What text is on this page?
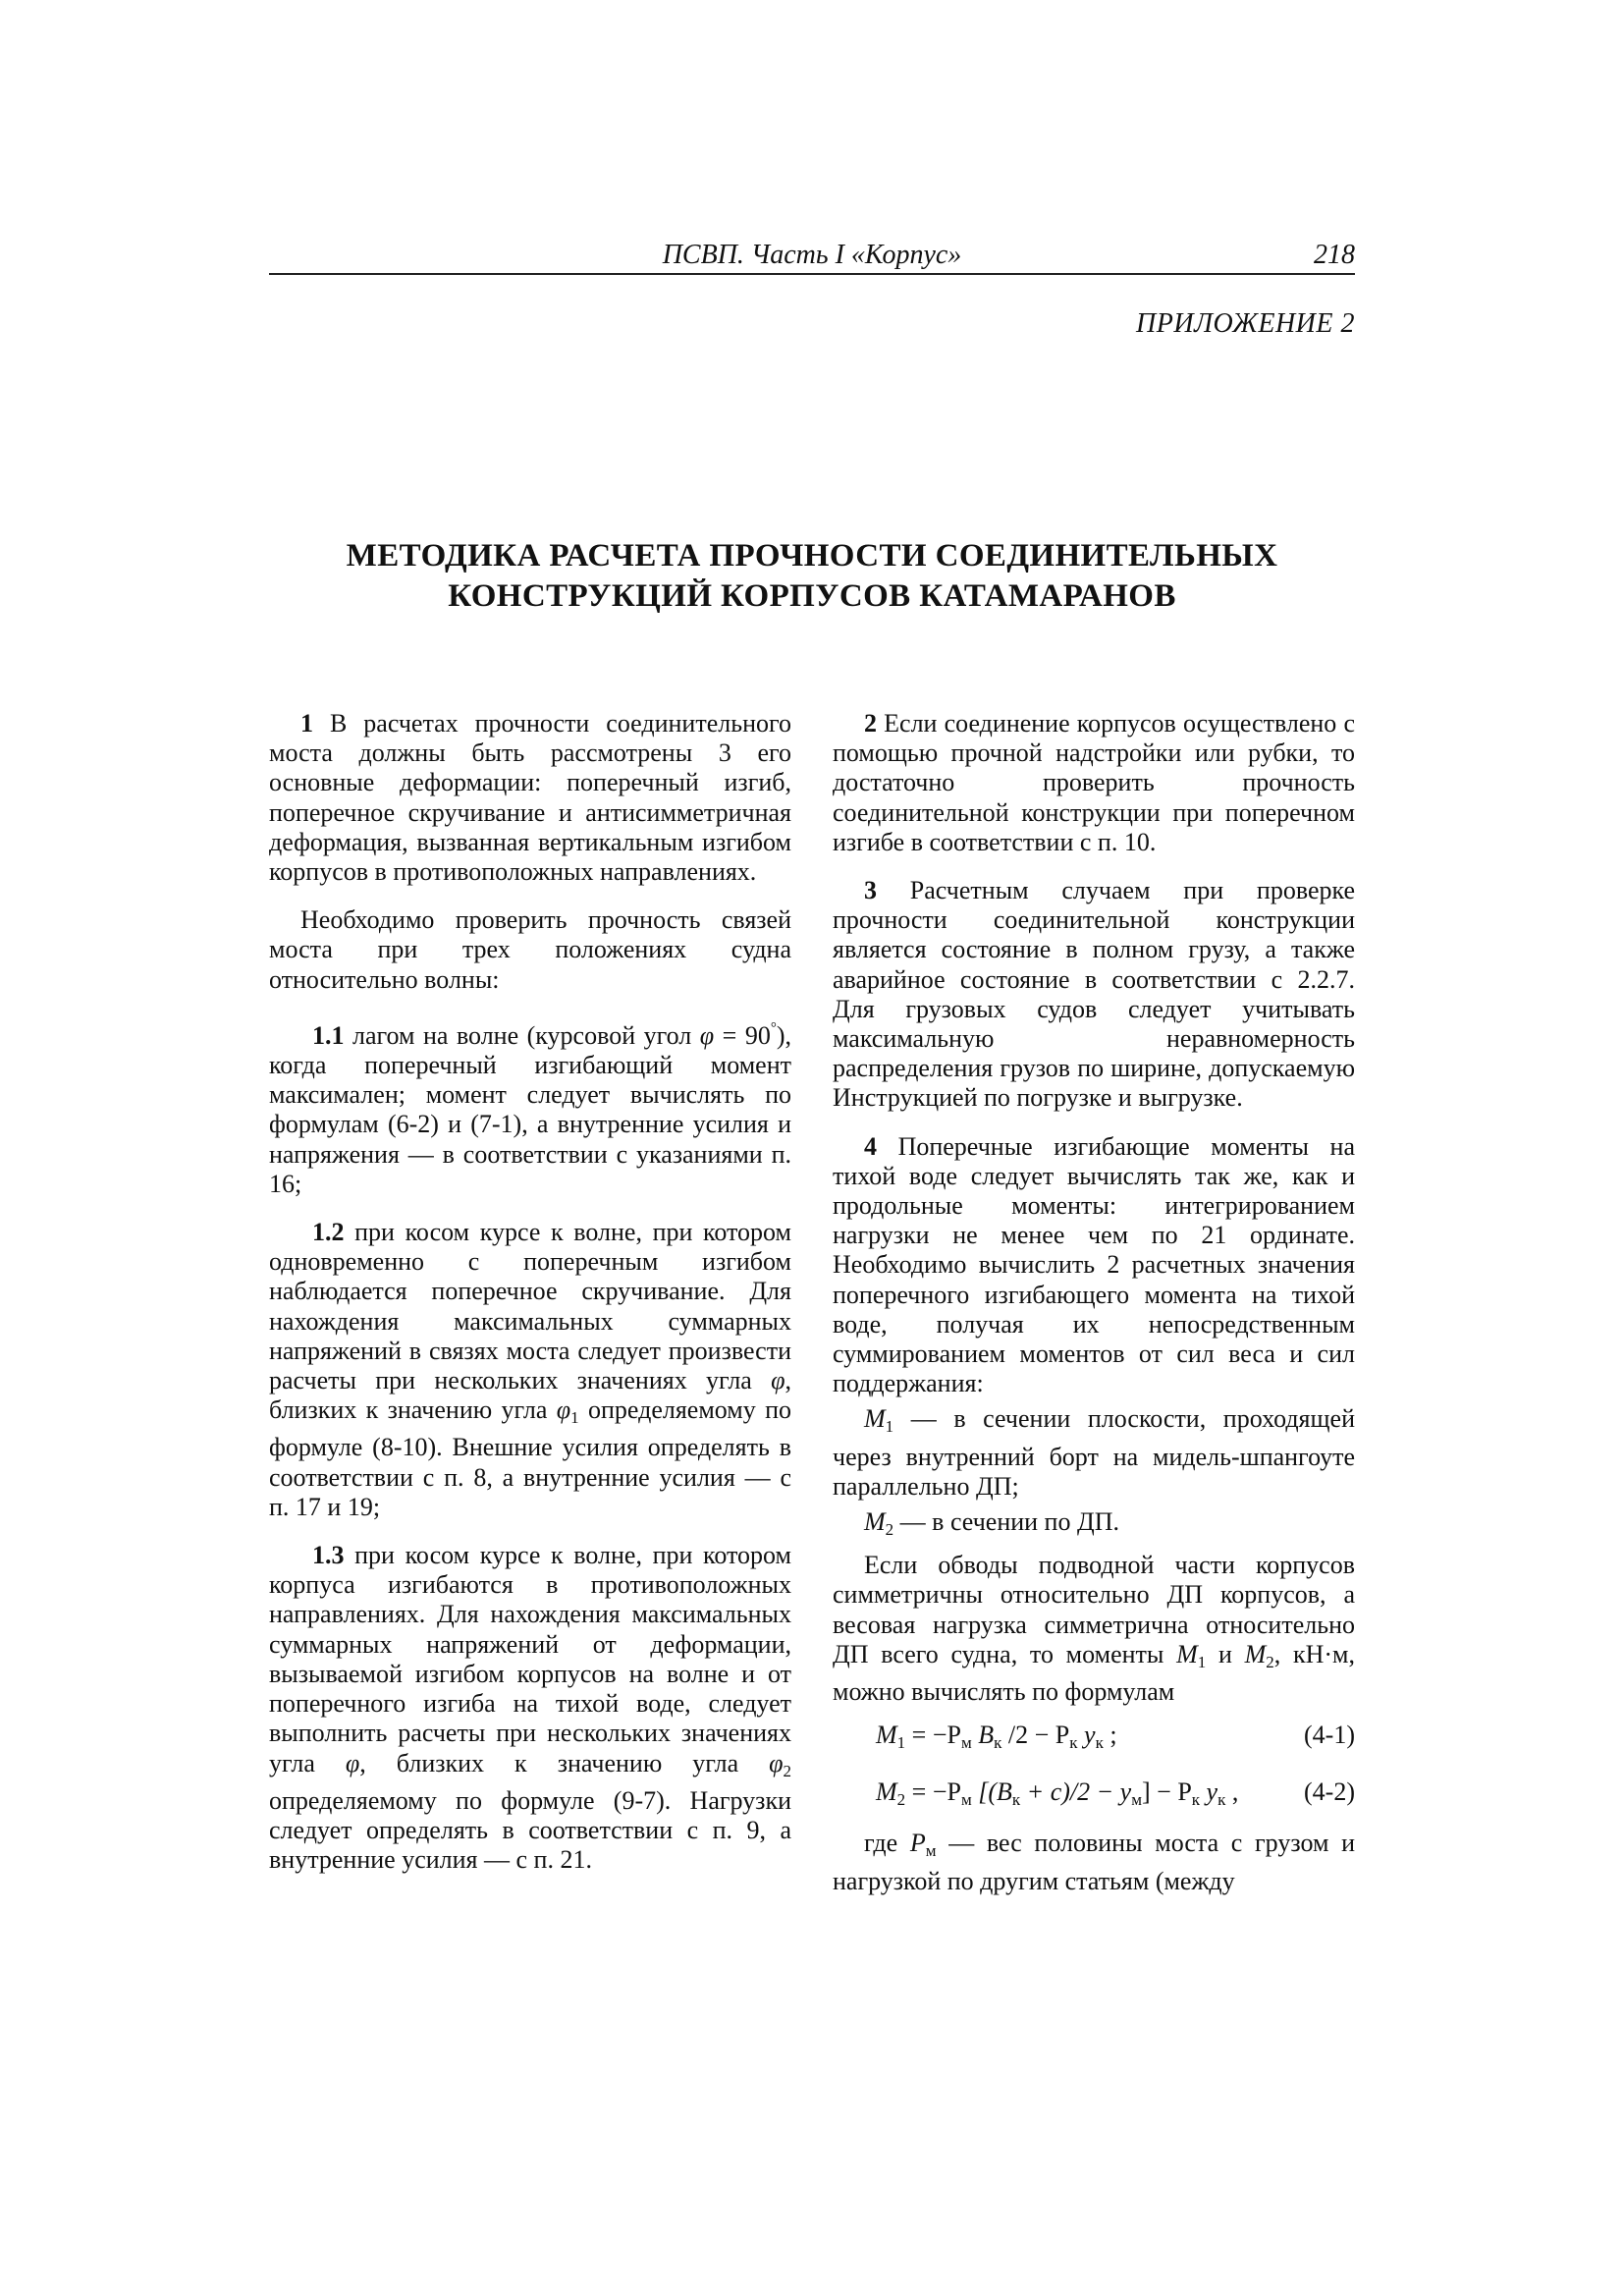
ПСВП. Часть I «Корпус»	218
ПРИЛОЖЕНИЕ 2
МЕТОДИКА РАСЧЕТА ПРОЧНОСТИ СОЕДИНИТЕЛЬНЫХ
КОНСТРУКЦИЙ КОРПУСОВ КАТАМАРАНОВ

1 В расчетах прочности соединительного моста должны быть рассмотрены 3 его основные деформации: поперечный изгиб, поперечное скручивание и антисимметричная деформация, вызванная вертикальным изгибом корпусов в противоположных направлениях.

Необходимо проверить прочность связей моста при трех положениях судна относительно волны:

1.1 лагом на волне (курсовой угол φ = 90°), когда поперечный изгибающий момент максимален; момент следует вычислять по формулам (6-2) и (7-1), а внутренние усилия и напряжения — в соответствии с указаниями п. 16;

1.2 при косом курсе к волне, при котором одновременно с поперечным изгибом наблюдается поперечное скручивание. Для нахождения максимальных суммарных напряжений в связях моста следует произвести расчеты при нескольких значениях угла φ, близких к значению угла φ1 определяемому по формуле (8-10). Внешние усилия определять в соответствии с п. 8, а внутренние усилия — с п. 17 и 19;

1.3 при косом курсе к волне, при котором корпуса изгибаются в противоположных направлениях. Для нахождения максимальных суммарных напряжений от деформации, вызываемой изгибом корпусов на волне и от поперечного изгиба на тихой воде, следует выполнить расчеты при нескольких значениях угла φ, близких к значению угла φ2 определяемому по формуле (9-7). Нагрузки следует определять в соответствии с п. 9, а внутренние усилия — с п. 21.

2 Если соединение корпусов осуществлено с помощью прочной надстройки или рубки, то достаточно проверить прочность соединительной конструкции при поперечном изгибе в соответствии с п. 10.

3 Расчетным случаем при проверке прочности соединительной конструкции является состояние в полном грузу, а также аварийное состояние в соответствии с 2.2.7. Для грузовых судов следует учитывать максимальную неравномерность распределения грузов по ширине, допускаемую Инструкцией по погрузке и выгрузке.

4 Поперечные изгибающие моменты на тихой воде следует вычислять так же, как и продольные моменты: интегрированием нагрузки не менее чем по 21 ординате. Необходимо вычислить 2 расчетных значения поперечного изгибающего момента на тихой воде, получая их непосредственным суммированием моментов от сил веса и сил поддержания:

M1 — в сечении плоскости, проходящей через внутренний борт на мидель-шпангоуте параллельно ДП;

M2 — в сечении по ДП.

Если обводы подводной части корпусов симметричны относительно ДП корпусов, а весовая нагрузка симметрична относительно ДП всего судна, то моменты M1 и M2, кН·м, можно вычислять по формулам

M1 = −Pм Bк /2 − Pк yк ;	(4-1)
M2 = −Pм [(Bк + c)/2 − yм] − Pк yк ,	(4-2)

где Pм — вес половины моста с грузом и нагрузкой по другим статьям (между
